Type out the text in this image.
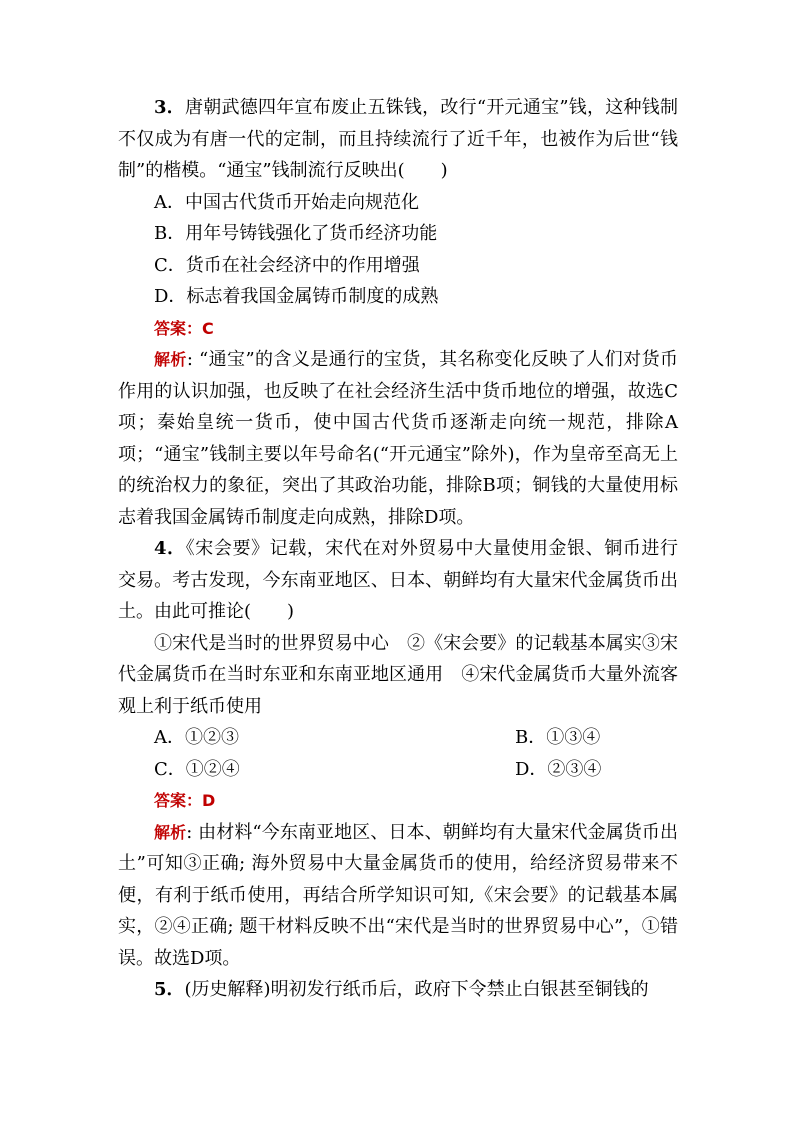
3．唐朝武德四年宣布废止五铢钱，改行“开元通宝”钱，这种钱制不仅成为有唐一代的定制，而且持续流行了近千年，也被作为后世“钱制”的楷模。“通宝”钱制流行反映出(　　)

A．中国古代货币开始走向规范化

B．用年号铸钱强化了货币经济功能

C．货币在社会经济中的作用增强

D．标志着我国金属铸币制度的成熟

答案：C

解析: “通宝”的含义是通行的宝货，其名称变化反映了人们对货币作用的认识加强，也反映了在社会经济生活中货币地位的增强，故选C项；秦始皇统一货币，使中国古代货币逐渐走向统一规范，排除A项；“通宝”钱制主要以年号命名(“开元通宝”除外)，作为皇帝至高无上的统治权力的象征，突出了其政治功能，排除B项；铜钱的大量使用标志着我国金属铸币制度走向成熟，排除D项。

4．《宋会要》记载，宋代在对外贸易中大量使用金银、铜币进行交易。考古发现，今东南亚地区、日本、朝鲜均有大量宋代金属货币出土。由此可推论(　　)

①宋代是当时的世界贸易中心　②《宋会要》的记载基本属实③宋代金属货币在当时东亚和东南亚地区通用　④宋代金属货币大量外流客观上利于纸币使用

A．①②③	B．①③④

C．①②④	D．②③④

答案：D

解析: 由材料“今东南亚地区、日本、朝鲜均有大量宋代金属货币出土”可知③正确; 海外贸易中大量金属货币的使用，给经济贸易带来不便，有利于纸币使用，再结合所学知识可知,《宋会要》的记载基本属实，②④正确; 题干材料反映不出“宋代是当时的世界贸易中心”，①错误。故选D项。

5．(历史解释)明初发行纸币后，政府下令禁止白银甚至铜钱的
